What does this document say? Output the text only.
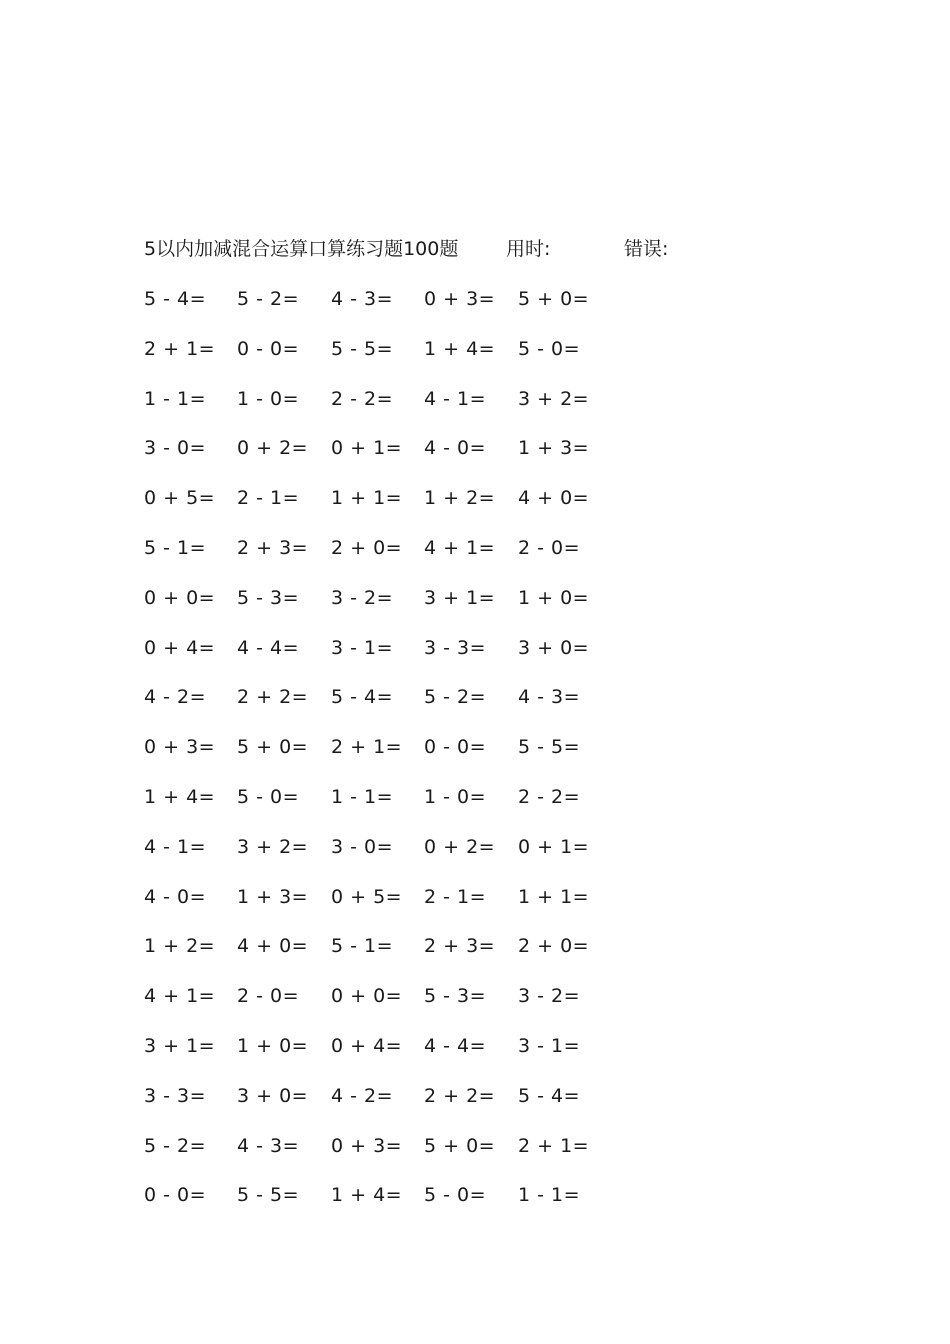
5以内加减混合运算口算练习题100题	用时:	错误:
5 - 4= 5 - 2= 4 - 3= 0 + 3= 5 + 0=
2 + 1= 0 - 0= 5 - 5= 1 + 4= 5 - 0=
1 - 1= 1 - 0= 2 - 2= 4 - 1= 3 + 2=
3 - 0= 0 + 2= 0 + 1= 4 - 0= 1 + 3=
0 + 5= 2 - 1= 1 + 1= 1 + 2= 4 + 0=
5 - 1= 2 + 3= 2 + 0= 4 + 1= 2 - 0=
0 + 0= 5 - 3= 3 - 2= 3 + 1= 1 + 0=
0 + 4= 4 - 4= 3 - 1= 3 - 3= 3 + 0=
4 - 2= 2 + 2= 5 - 4= 5 - 2= 4 - 3=
0 + 3= 5 + 0= 2 + 1= 0 - 0= 5 - 5=
1 + 4= 5 - 0= 1 - 1= 1 - 0= 2 - 2=
4 - 1= 3 + 2= 3 - 0= 0 + 2= 0 + 1=
4 - 0= 1 + 3= 0 + 5= 2 - 1= 1 + 1=
1 + 2= 4 + 0= 5 - 1= 2 + 3= 2 + 0=
4 + 1= 2 - 0= 0 + 0= 5 - 3= 3 - 2=
3 + 1= 1 + 0= 0 + 4= 4 - 4= 3 - 1=
3 - 3= 3 + 0= 4 - 2= 2 + 2= 5 - 4=
5 - 2= 4 - 3= 0 + 3= 5 + 0= 2 + 1=
0 - 0= 5 - 5= 1 + 4= 5 - 0= 1 - 1=
